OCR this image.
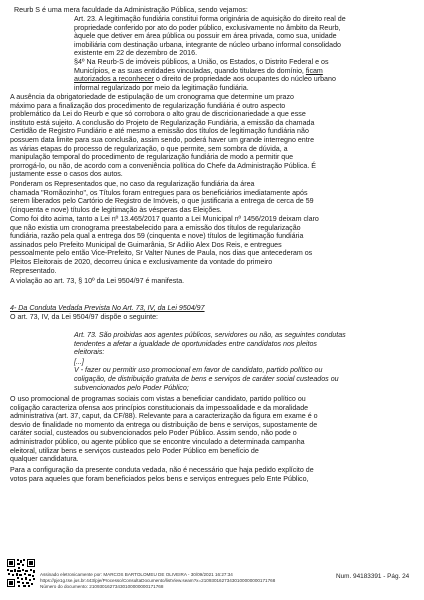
Reurb S é uma mera faculdade da Administração Pública, sendo vejamos:
Art. 23. A legitimação fundiária constitui forma originária de aquisição do direito real de
propriedade conferido por ato do poder público, exclusivamente no âmbito da Reurb,
àquele que detiver em área pública ou possuir em área privada, como sua, unidade
imobiliária com destinação urbana, integrante de núcleo urbano informal consolidado
existente em 22 de dezembro de 2016.
§4º Na Reurb-S de imóveis públicos, a União, os Estados, o Distrito Federal e os
Municípios, e as suas entidades vinculadas, quando titulares do domínio, ficam
autorizados a reconhecer o direito de propriedade aos ocupantes do núcleo urbano
informal regularizado por meio da legitimação fundiária.
A ausência da obrigatoriedade de estipulação de um cronograma que determine um prazo
máximo para a finalização dos procedimento de regularização fundiária é outro aspecto
problemático da Lei do Reurb e que só corrobora o alto grau de discricionariedade a que esse
instituto está sujeito. A conclusão do Projeto de Regularização Fundiária, a emissão da chamada
Certidão de Registro Fundiário e até mesmo a emissão dos títulos de legitimação fundiária não
possuem data limite para sua conclusão, assim sendo, poderá haver um grande interregno entre
as várias etapas do processo de regularização, o que permite, sem sombra de dúvida, a
manipulação temporal do procedimento de regularização fundiária de modo a permitir que
prorrogá-lo, ou não, de acordo com a conveniência política do Chefe da Administração Pública. É
justamente esse o casos dos autos.
Ponderam os Representados que, no caso da regularização fundiária da área
chamada "Romãozinho", os Títulos foram entregues para os beneficiários imediatamente após
serem liberados pelo Cartório de Registro de Imóveis, o que justificaria a entrega de cerca de 59
(cinquenta e nove) títulos de legitimação às vésperas das Eleições.
Como foi dito acima, tanto a Lei nº 13.465/2017 quanto a Lei Municipal nº 1456/2019 deixam claro
que não existia um cronograma preestabelecido para a emissão dos títulos de regularização
fundiária, razão pela qual a entrega dos 59 (cinquenta e nove) títulos de legitimação fundiária
assinados pelo Prefeito Municipal de Guimarânia, Sr Adilio Alex Dos Reis, e entregues
pessoalmente pelo então Vice-Prefeito, Sr Valter Nunes de Paula, nos dias que antecederam os
Pleitos Eleitorais de 2020, decorreu única e exclusivamente da vontade do primeiro
Representado.
A violação ao art. 73, § 10º da Lei 9504/97 é manifesta.
4- Da Conduta Vedada Prevista No Art. 73, IV, da Lei 9504/97
O art. 73, IV, da Lei 9504/97 dispõe o seguinte:
Art. 73. São proibidas aos agentes públicos, servidores ou não, as seguintes condutas
tendentes a afetar a igualdade de oportunidades entre candidatos nos pleitos
eleitorais:
[...]
V - fazer ou permitir uso promocional em favor de candidato, partido político ou
coligação, de distribuição gratuita de bens e serviços de caráter social custeados ou
subvencionados pelo Poder Público;
O uso promocional de programas sociais com vistas a beneficiar candidato, partido político ou
coligação caracteriza ofensa aos princípios constitucionais da impessoalidade e da moralidade
administrativa (art. 37, caput, da CF/88). Relevante para a caracterização da figura em exame é o
desvio de finalidade no momento da entrega ou distribuição de bens e serviços, supostamente de
caráter social, custeados ou subvencionados pelo Poder Público. Assim sendo, não pode o
administrador público, ou agente público que se encontre vinculado a determinada campanha
eleitoral, utilizar bens e serviços custeados pelo Poder Público em benefício de
qualquer candidatura.
Para a configuração da presente conduta vedada, não é necessário que haja pedido explícito de
votos para aqueles que foram beneficiados pelos bens e serviços entregues pelo Ente Público,
Assinado eletronicamente por: MARCOS BARTOLOMEU DE OLIVEIRA - 30/09/2021 16:27:34
https://pje1g.tse.jus.br:443/pje/Processo/ConsultaDocumento/listView.seam?x=21093016273430100000000171768
Número do documento: 21093016273430100000000171768
Num. 94183391 - Pág. 24
